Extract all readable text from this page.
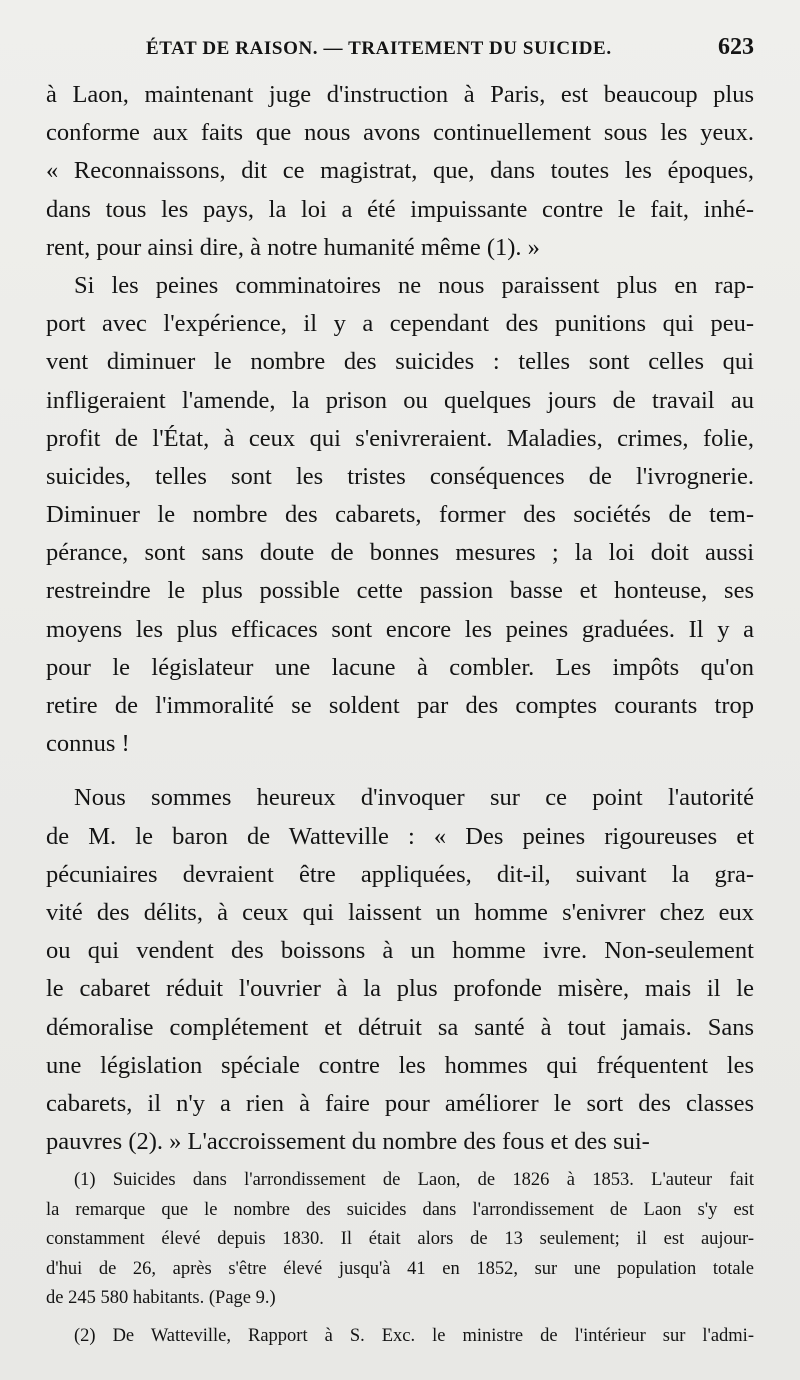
ÉTAT DE RAISON. — TRAITEMENT DU SUICIDE.	623
à Laon, maintenant juge d'instruction à Paris, est beaucoup plus
conforme aux faits que nous avons continuellement sous les yeux.
« Reconnaissons, dit ce magistrat, que, dans toutes les époques,
dans tous les pays, la loi a été impuissante contre le fait, inhé-
rent, pour ainsi dire, à notre humanité même (1). »
Si les peines comminatoires ne nous paraissent plus en rap-
port avec l'expérience, il y a cependant des punitions qui peu-
vent diminuer le nombre des suicides : telles sont celles qui
infligeraient l'amende, la prison ou quelques jours de travail au
profit de l'État, à ceux qui s'enivreraient. Maladies, crimes, folie,
suicides, telles sont les tristes conséquences de l'ivrognerie.
Diminuer le nombre des cabarets, former des sociétés de tem-
pérance, sont sans doute de bonnes mesures ; la loi doit aussi
restreindre le plus possible cette passion basse et honteuse, ses
moyens les plus efficaces sont encore les peines graduées. Il y a
pour le législateur une lacune à combler. Les impôts qu'on
retire de l'immoralité se soldent par des comptes courants trop
connus !
Nous sommes heureux d'invoquer sur ce point l'autorité
de M. le baron de Watteville : « Des peines rigoureuses et
pécuniaires devraient être appliquées, dit-il, suivant la gra-
vité des délits, à ceux qui laissent un homme s'enivrer chez eux
ou qui vendent des boissons à un homme ivre. Non-seulement
le cabaret réduit l'ouvrier à la plus profonde misère, mais il le
démoralise complétement et détruit sa santé à tout jamais. Sans
une législation spéciale contre les hommes qui fréquentent les
cabarets, il n'y a rien à faire pour améliorer le sort des classes
pauvres (2). » L'accroissement du nombre des fous et des sui-
(1) Suicides dans l'arrondissement de Laon, de 1826 à 1853. L'auteur fait
la remarque que le nombre des suicides dans l'arrondissement de Laon s'y est
constamment élevé depuis 1830. Il était alors de 13 seulement; il est aujour-
d'hui de 26, après s'être élevé jusqu'à 41 en 1852, sur une population totale
de 245 580 habitants. (Page 9.)
(2) De Watteville, Rapport à S. Exc. le ministre de l'intérieur sur l'admi-
